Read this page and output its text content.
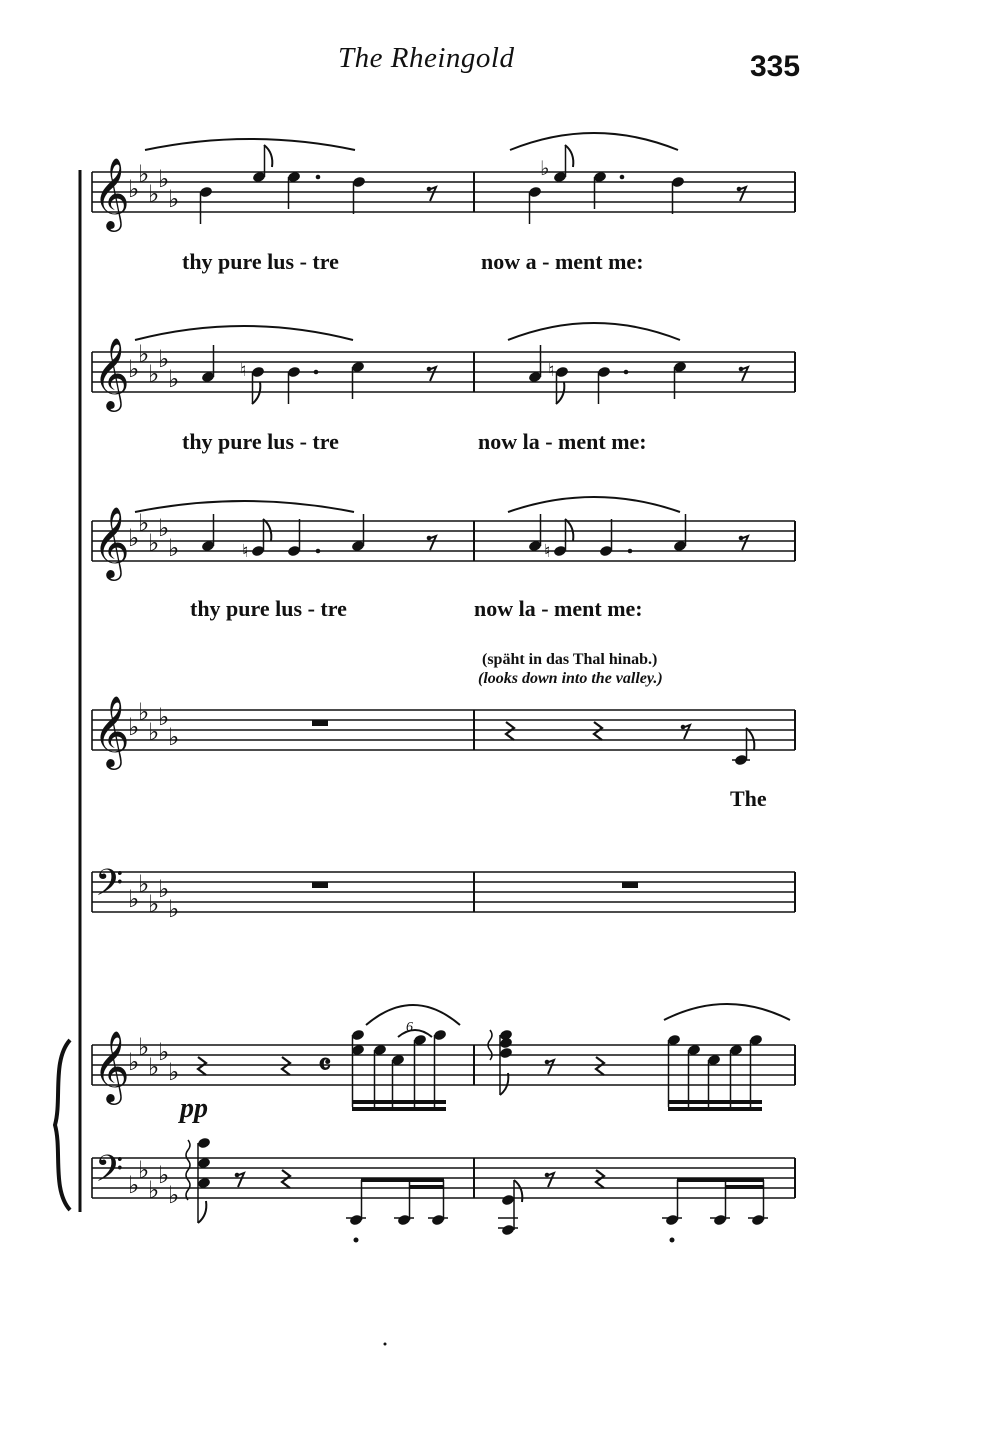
The Rheingold	335
𝄞
♭
♭
♭
♭
♭
𝄞
♭
♭
♭
♭
♭
𝄞
♭
♭
♭
♭
♭
𝄞
♭
♭
♭
♭
♭
𝄢 ♭
♭
♭
♭
♭
𝄞
♭
♭
♭
♭
♭
𝄢 ♭
♭
♭
♭
♭
♭
♮	♮
♮	♮
𝄴
thy pure lus - tre	now a - ment me:
thy pure lus - tre	now la - ment me:
thy pure lus - tre	now la - ment me:
(späht in das Thal hinab.)
(looks down into the valley.)
The
pp
6
